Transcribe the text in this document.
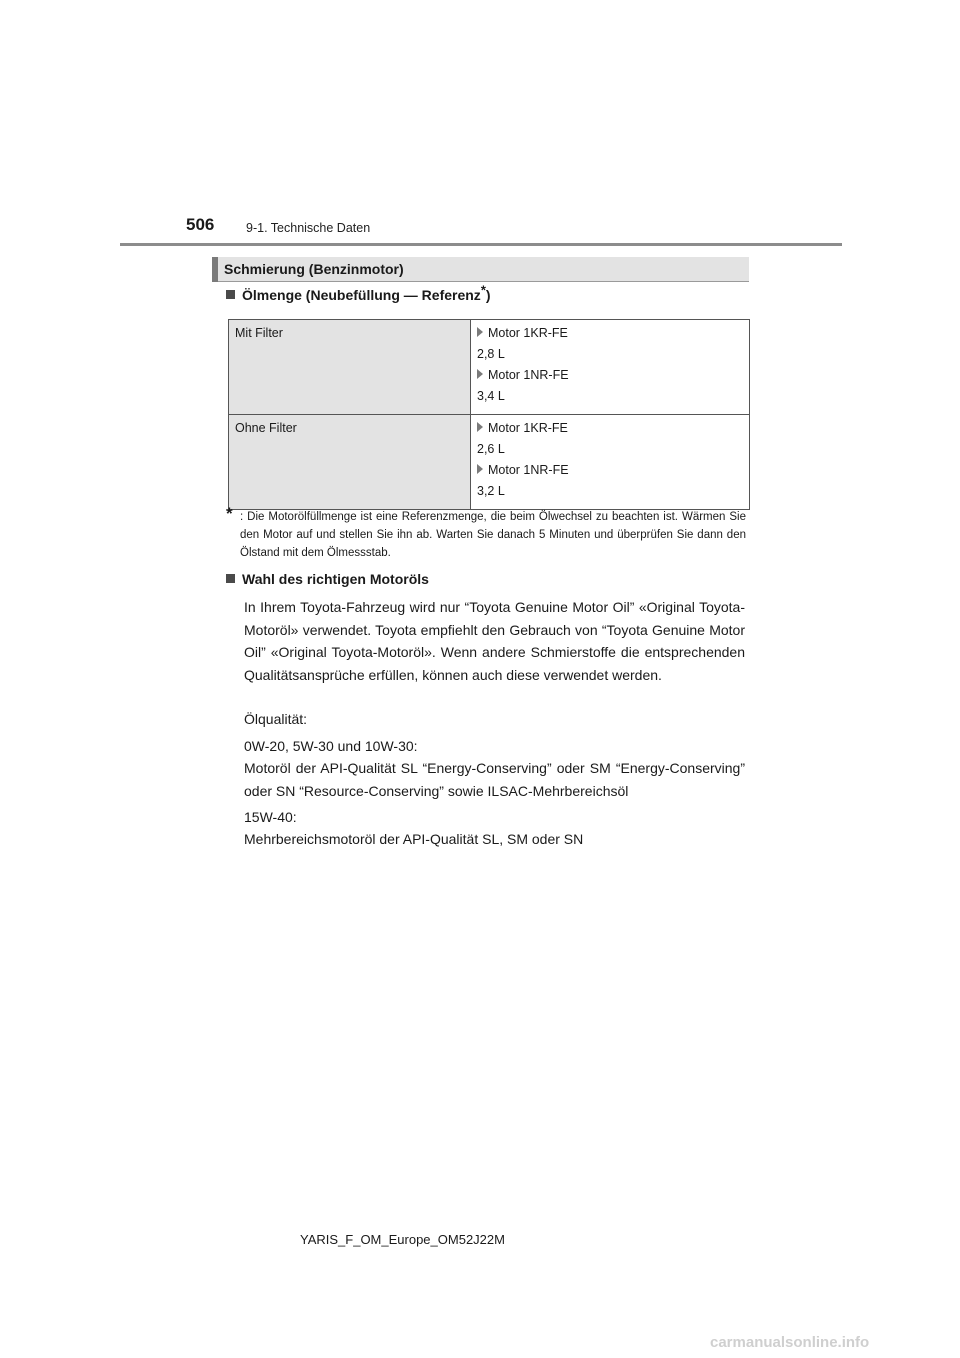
506	9-1. Technische Daten
Schmierung (Benzinmotor)
Ölmenge (Neubefüllung — Referenz*)
Mit Filter	Motor 1KR-FE
2,8 L
Motor 1NR-FE
3,4 L

Ohne Filter	Motor 1KR-FE
2,6 L
Motor 1NR-FE
3,2 L
* : Die Motorölfüllmenge ist eine Referenzmenge, die beim Ölwechsel zu beachten ist. Wärmen Sie den Motor auf und stellen Sie ihn ab. Warten Sie danach 5 Minuten und überprüfen Sie dann den Ölstand mit dem Ölmessstab.
Wahl des richtigen Motoröls
In Ihrem Toyota-Fahrzeug wird nur “Toyota Genuine Motor Oil” «Original Toyota-Motoröl» verwendet. Toyota empfiehlt den Gebrauch von “Toyota Genuine Motor Oil” «Original Toyota-Motoröl». Wenn andere Schmierstoffe die entsprechenden Qualitätsansprüche erfüllen, können auch diese verwendet werden.
Ölqualität:
0W-20, 5W-30 und 10W-30:
Motoröl der API-Qualität SL “Energy-Conserving” oder SM “Energy-Conserving” oder SN “Resource-Conserving” sowie ILSAC-Mehrbereichsöl
15W-40:
Mehrbereichsmotoröl der API-Qualität SL, SM oder SN
YARIS_F_OM_Europe_OM52J22M
carmanualsonline.info
